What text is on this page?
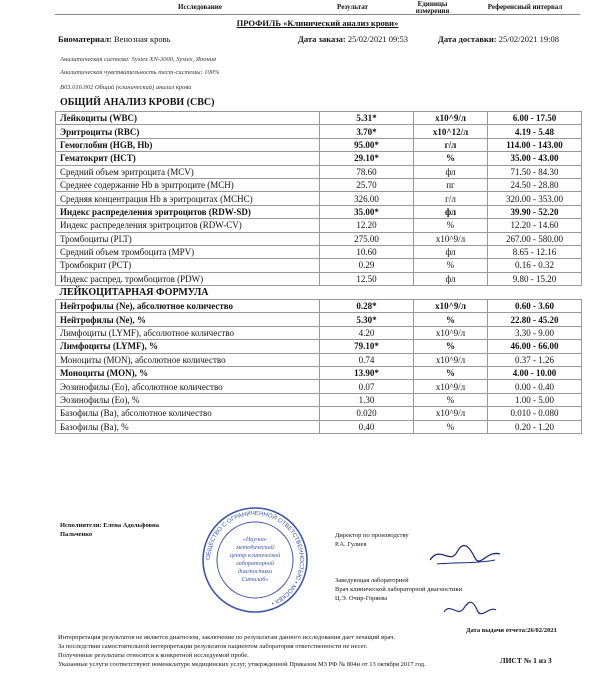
Исследование	Результат	Единицы
измерения	Референсный интервал
ПРОФИЛЬ «Клинический анализ крови»
Биоматериал: Венозная кровь	Дата заказа: 25/02/2021 09:53	Дата доставки: 25/02/2021 19:08
Аналитическая система: Systex XN-3000, Systex, Япония
Аналитическая чувствительность тест-системы: 100%
В03.016.002 Общий (клинический) анализ крови
ОБЩИЙ АНАЛИЗ КРОВИ (CBC)
Лейкоциты (WBC)	5.31*	x10^9/л	6.00 - 17.50
Эритроциты (RBC)	3.70*	x10^12/л	4.19 - 5.48
Гемоглобин (HGB, Hb)	95.00*	г/л	114.00 - 143.00
Гематокрит (HCT)	29.10*	%	35.00 - 43.00
Средний объем эритроцита (MCV)	78.60	фл	71.50 - 84.30
Среднее содержание Hb в эритроците (MCH)	25.70	пг	24.50 - 28.80
Средняя концентрация Hb в эритроцитах (MCHC)	326.00	г/л	320.00 - 353.00
Индекс распределения эритроцитов (RDW-SD)	35.00*	фл	39.90 - 52.20
Индекс распределения эритроцитов (RDW-CV)	12.20	%	12.20 - 14.60
Тромбоциты (PLT)	275.00	x10^9/л	267.00 - 580.00
Средний объем тромбоцита (MPV)	10.60	фл	8.65 - 12.16
Тромбокрит (PCT)	0.29	%	0.16 - 0.32
Индекс распред. тромбоцитов (PDW)	12.50	фл	9.80 - 15.20
ЛЕЙКОЦИТАРНАЯ ФОРМУЛА			
Нейтрофилы (Ne), абсолютное количество	0.28*	x10^9/л	0.60 - 3.60
Нейтрофилы (Ne), %	5.30*	%	22.80 - 45.20
Лимфоциты (LYMF), абсолютное количество	4.20	x10^9/л	3.30 - 9.00
Лимфоциты (LYMF), %	79.10*	%	46.00 - 66.00
Моноциты (MON), абсолютное количество	0.74	x10^9/л	0.37 - 1.26
Моноциты (MON), %	13.90*	%	4.00 - 10.00
Эозинофилы (Eo), абсолютное количество	0.07	x10^9/л	0.00 - 0.40
Эозинофилы (Eo), %	1.30	%	1.00 - 5.00
Базофилы (Ba), абсолютное количество	0.020	x10^9/л	0.010 - 0.080
Базофилы (Ba), %	0.40	%	0.20 - 1.20
Исполнители: Елена Адольфовна
Пальченко	Директор по производству
Р.А. Гулиев
Заведующая лабораторией
Врач клинической лабораторной диагностики
Ц.Э. Очир-Горяева
ОБЩЕСТВО С ОГРАНИЧЕННОЙ ОТВЕТСТВЕННОСТЬЮ • МОСКВА •
«Научно-
методический
центр клинической
лабораторной
диагностики
Ситилаб»
Дата выдачи отчета:26/02/2021
Интерпретация результатов не является диагнозом, заключение по результатам данного исследования дает лечащий врач.
За последствия самостоятельной интерпретации результатов пациентом лаборатория ответственности не несет.
Полученные результаты относятся к конкретной исследуемой пробе.
Указанные услуги соответствуют номенклатуре медицинских услуг, утвержденной Приказом МЗ РФ № 804н от 13 октября 2017 год.	ЛИСТ № 1 из 3
